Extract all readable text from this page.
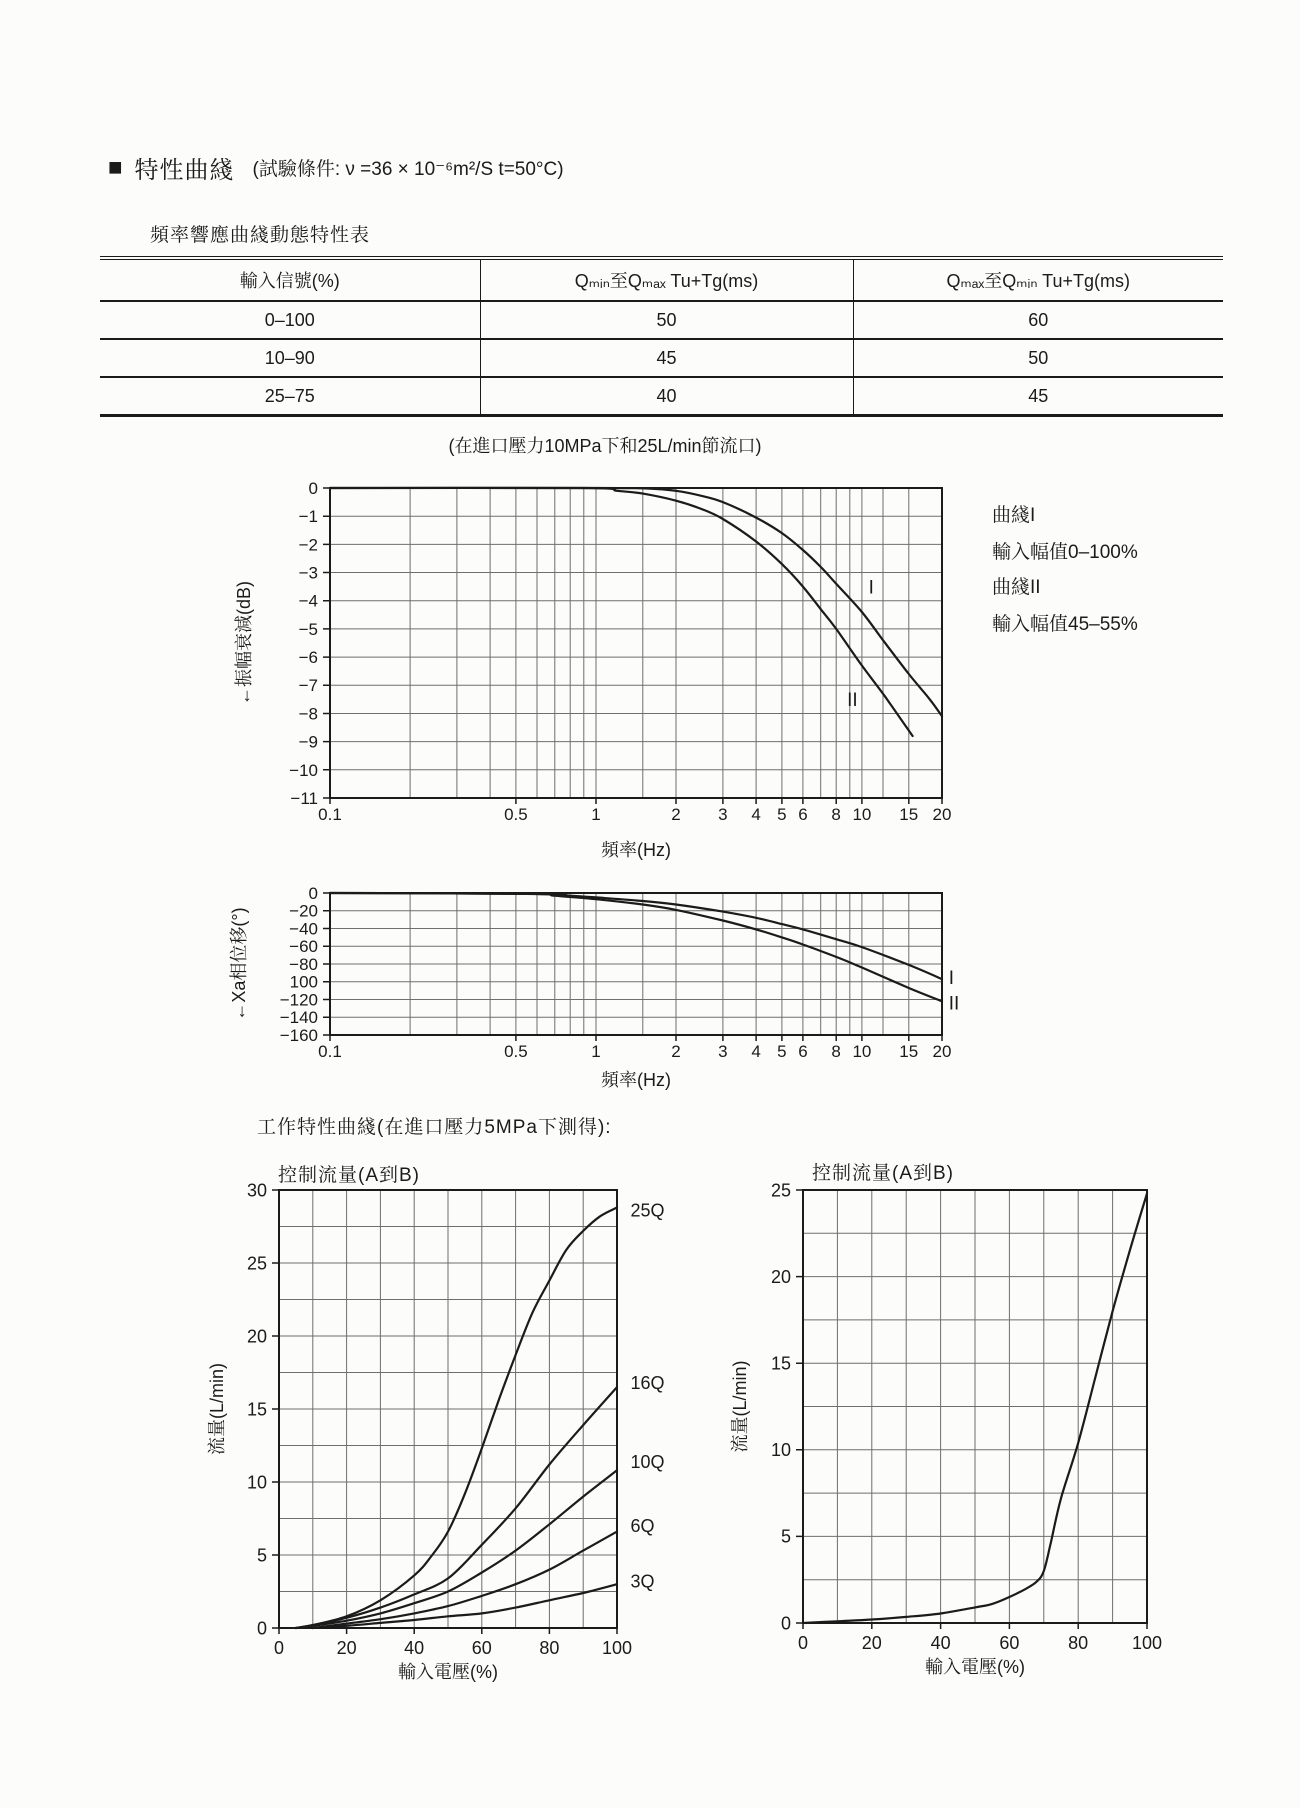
■ 特性曲綫 (試驗條件: ν =36 × 10⁻⁶m²/S t=50°C)
頻率響應曲綫動態特性表
輸入信號(%)	Qₘᵢₙ至Qₘₐₓ Tu+Tg(ms)	Qₘₐₓ至Qₘᵢₙ Tu+Tg(ms)
0–100	50	60
10–90	45	50
25–75	40	45
(在進口壓力10MPa下和25L/min節流口)
0.1	0.5	1	2 3 4 5 6 8 10 15 20
0
−1
−2
−3
−4
−5
−6
−7
−8
−9
−10
−11
頻率(Hz)
←振幅衰減(dB)	I
II
曲綫I
輸入幅值0–100%
曲綫II
輸入幅值45–55%
0.1	0.5	1	2 3 4 5 6 8 10 15 20
0
−20
−40
−60
−80
100
−120
−140
−160
頻率(Hz)
←Xa相位移(°)	I
II
工作特性曲綫(在進口壓力5MPa下測得):
控制流量(A到B)
0	20	40	60	80 100
0
5
10
15
20
25
30
輸入電壓(%)
流量(L/min)
25Q
16Q
10Q
6Q
3Q
控制流量(A到B)
0	20	40	60	80 100
0
5
10
15
20
25
輸入電壓(%)
流量(L/min)
